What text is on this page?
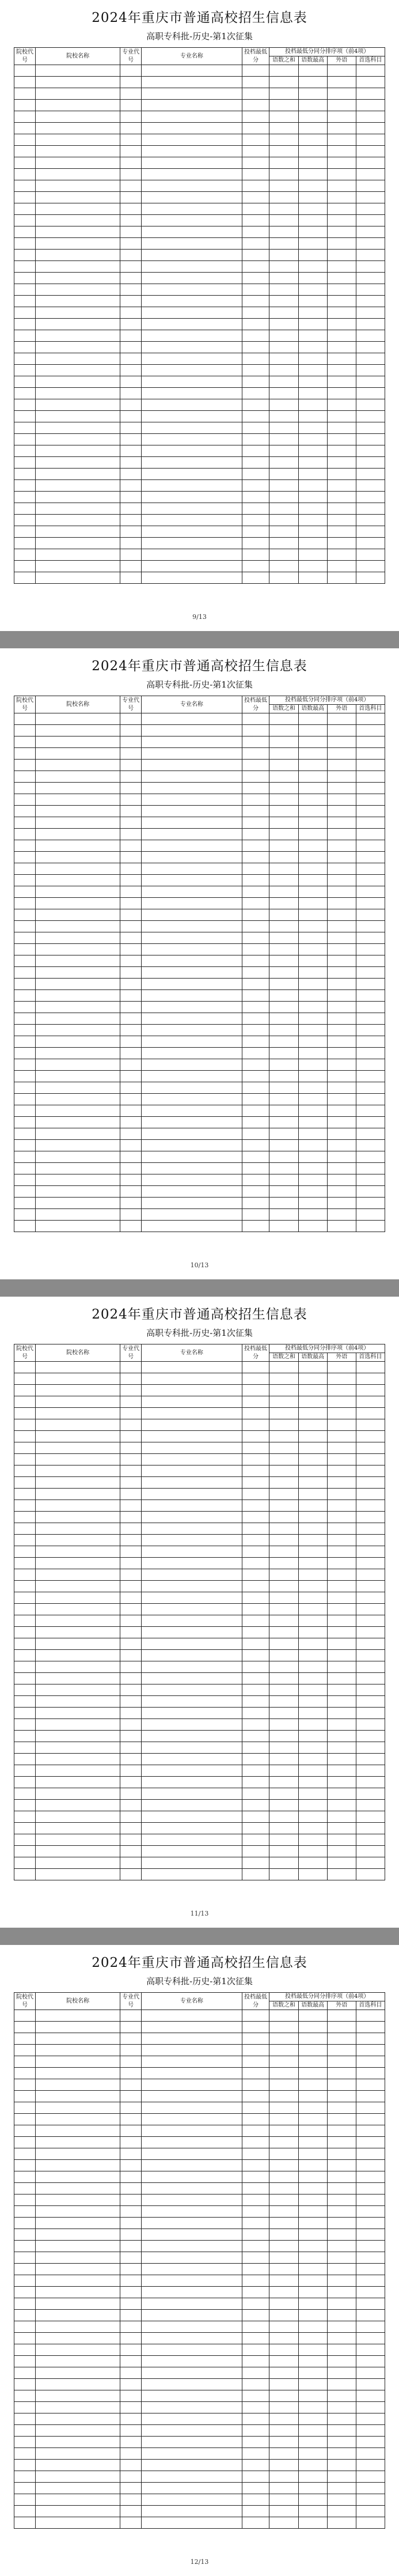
2024年重庆市普通高校招生信息表
高职专科批-历史-第1次征集
院校代号	院校名称	专业代号	专业名称	投档最低分	投档最低分同分排序项（前4项）			
					语数之和	语数最高	外语	首选科目

9/13
2024年重庆市普通高校招生信息表
高职专科批-历史-第1次征集
院校代号	院校名称	专业代号	专业名称	投档最低分	投档最低分同分排序项（前4项）			
					语数之和	语数最高	外语	首选科目

10/13
2024年重庆市普通高校招生信息表
高职专科批-历史-第1次征集
院校代号	院校名称	专业代号	专业名称	投档最低分	投档最低分同分排序项（前4项）			
					语数之和	语数最高	外语	首选科目

11/13
2024年重庆市普通高校招生信息表
高职专科批-历史-第1次征集
院校代号	院校名称	专业代号	专业名称	投档最低分	投档最低分同分排序项（前4项）			
					语数之和	语数最高	外语	首选科目

12/13
